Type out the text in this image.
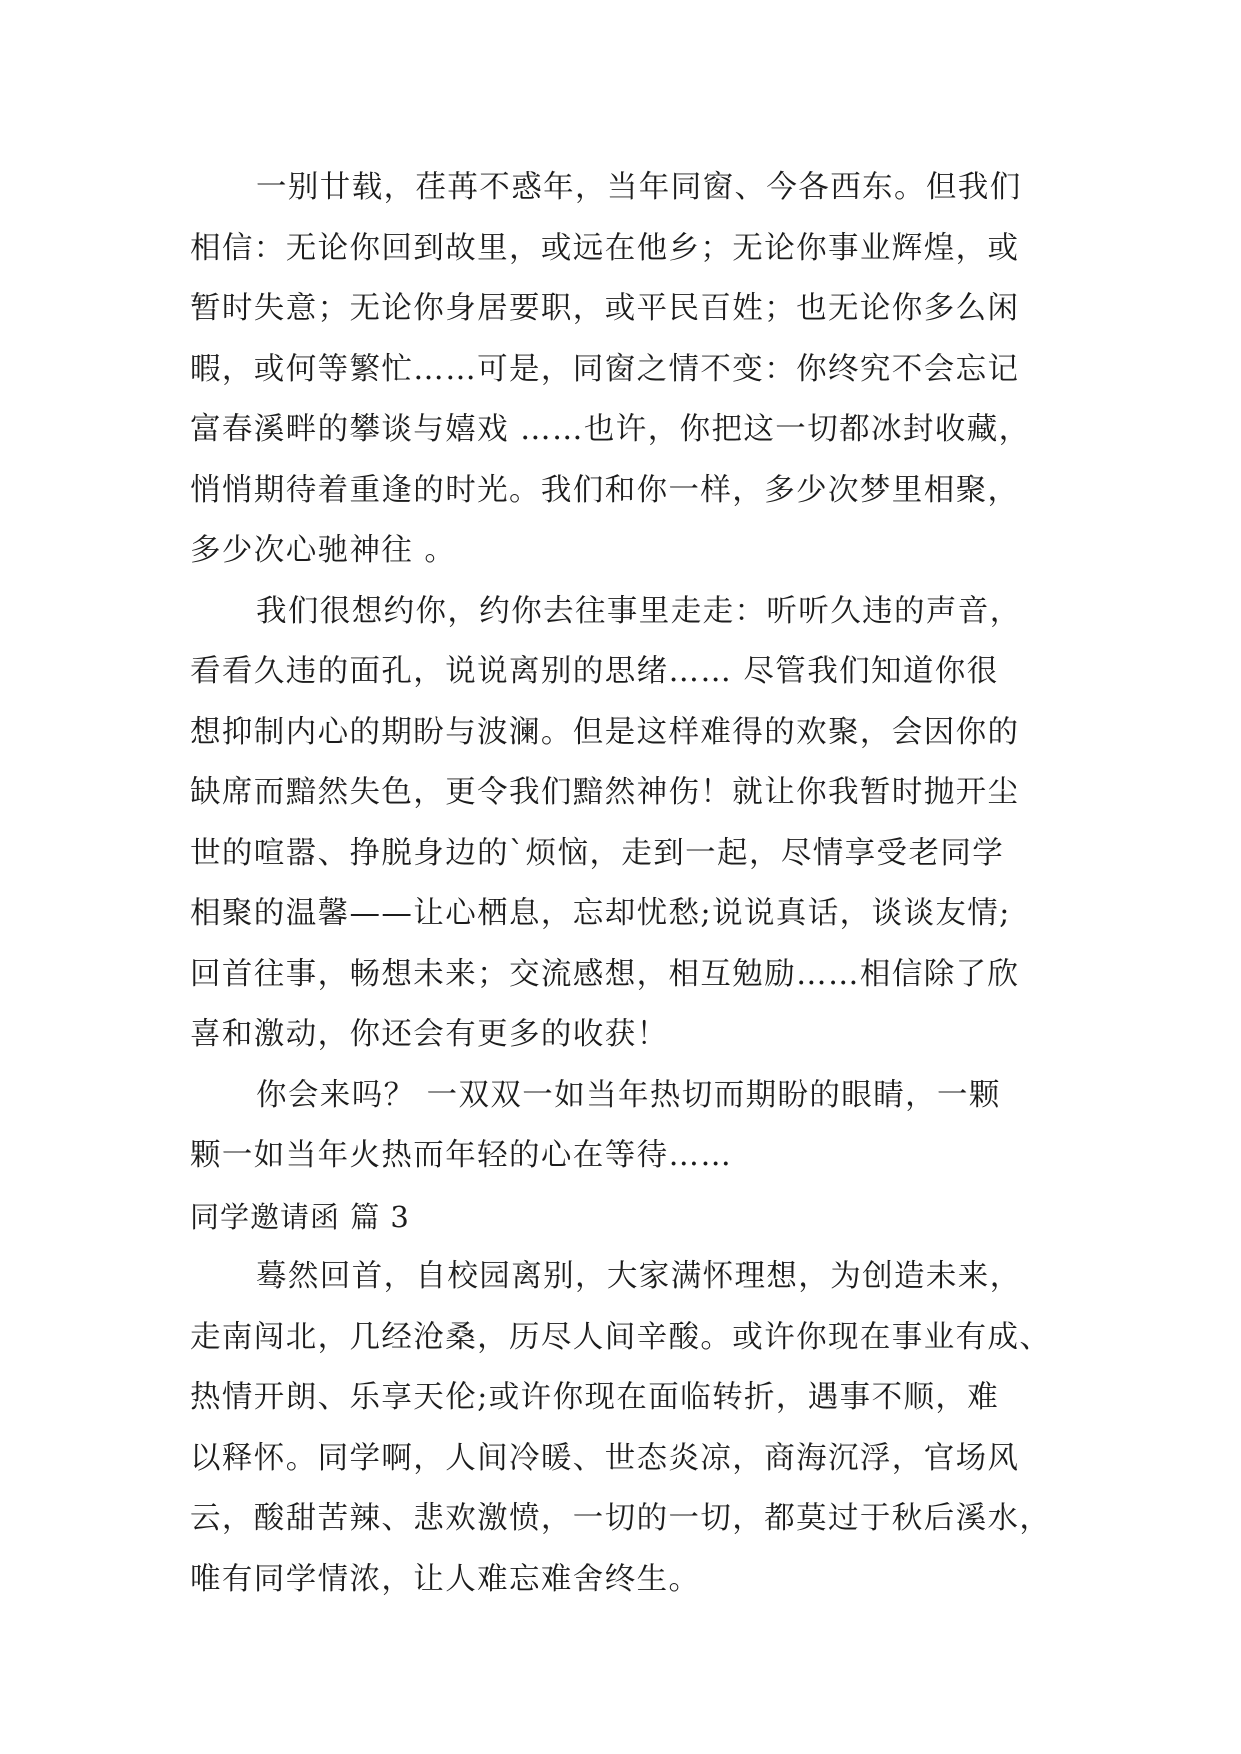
一别廿载，荏苒不惑年，当年同窗、今各西东。但我们
相信：无论你回到故里，或远在他乡；无论你事业辉煌，或
暂时失意；无论你身居要职，或平民百姓；也无论你多么闲
暇，或何等繁忙……可是，同窗之情不变：你终究不会忘记
富春溪畔的攀谈与嬉戏 ……也许，你把这一切都冰封收藏，
悄悄期待着重逢的时光。我们和你一样，多少次梦里相聚，
多少次心驰神往 。
我们很想约你，约你去往事里走走：听听久违的声音，
看看久违的面孔，说说离别的思绪…… 尽管我们知道你很
想抑制内心的期盼与波澜。但是这样难得的欢聚，会因你的
缺席而黯然失色，更令我们黯然神伤！就让你我暂时抛开尘
世的喧嚣、挣脱身边的`烦恼，走到一起，尽情享受老同学
相聚的温馨——让心栖息，忘却忧愁;说说真话，谈谈友情;
回首往事，畅想未来；交流感想，相互勉励……相信除了欣
喜和激动，你还会有更多的收获！
你会来吗？ 一双双一如当年热切而期盼的眼睛，一颗
颗一如当年火热而年轻的心在等待……
同学邀请函 篇 3
蓦然回首，自校园离别，大家满怀理想，为创造未来，
走南闯北，几经沧桑，历尽人间辛酸。或许你现在事业有成、
热情开朗、乐享天伦;或许你现在面临转折，遇事不顺，难
以释怀。同学啊，人间冷暖、世态炎凉，商海沉浮，官场风
云，酸甜苦辣、悲欢激愤，一切的一切，都莫过于秋后溪水，
唯有同学情浓，让人难忘难舍终生。
